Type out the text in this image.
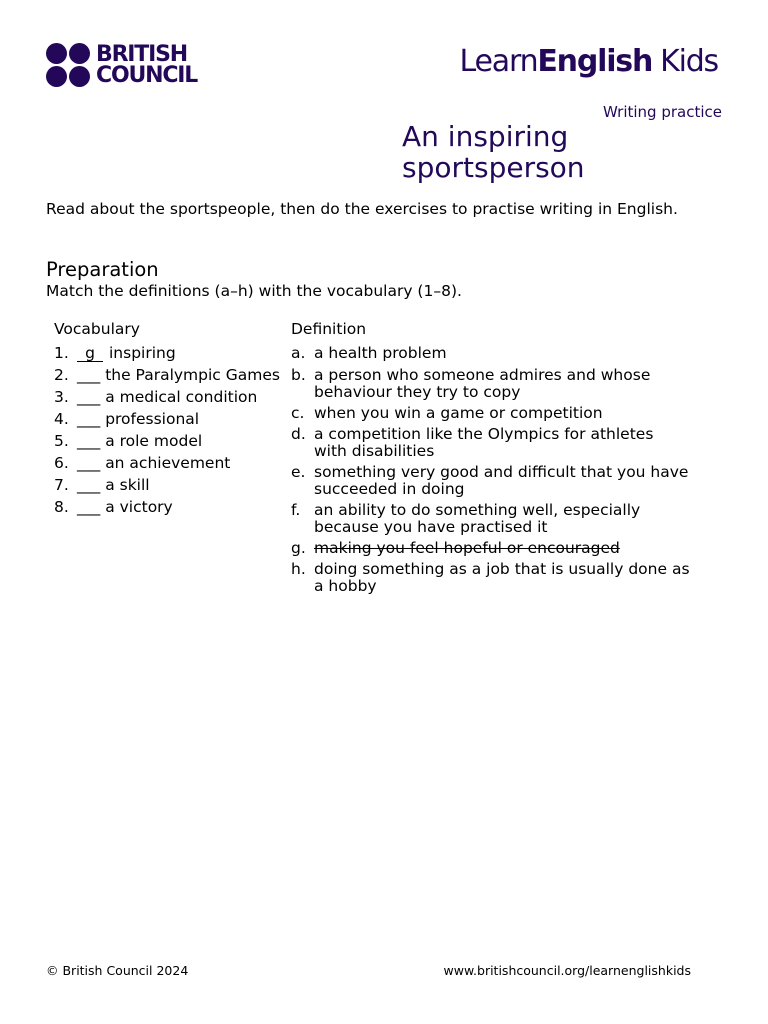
BRITISH
COUNCIL	LearnEnglish Kids
Writing practice
An inspiring
sportsperson
Read about the sportspeople, then do the exercises to practise writing in English.
Preparation
Match the definitions (a–h) with the vocabulary (1–8).
Vocabulary	Definition
1.	g inspiring
2. ___ the Paralympic Games
3. ___ a medical condition
4. ___ professional
5. ___ a role model
6. ___ an achievement
7. ___ a skill
8. ___ a victory
a. a health problem
b. a person who someone admires and whose behaviour they try to copy
c. when you win a game or competition
d. a competition like the Olympics for athletes with disabilities
e. something very good and difficult that you have succeeded in doing
f. an ability to do something well, especially because you have practised it
g. making you feel hopeful or encouraged
h. doing something as a job that is usually done as a hobby
© British Council 2024	www.britishcouncil.org/learnenglishkids
